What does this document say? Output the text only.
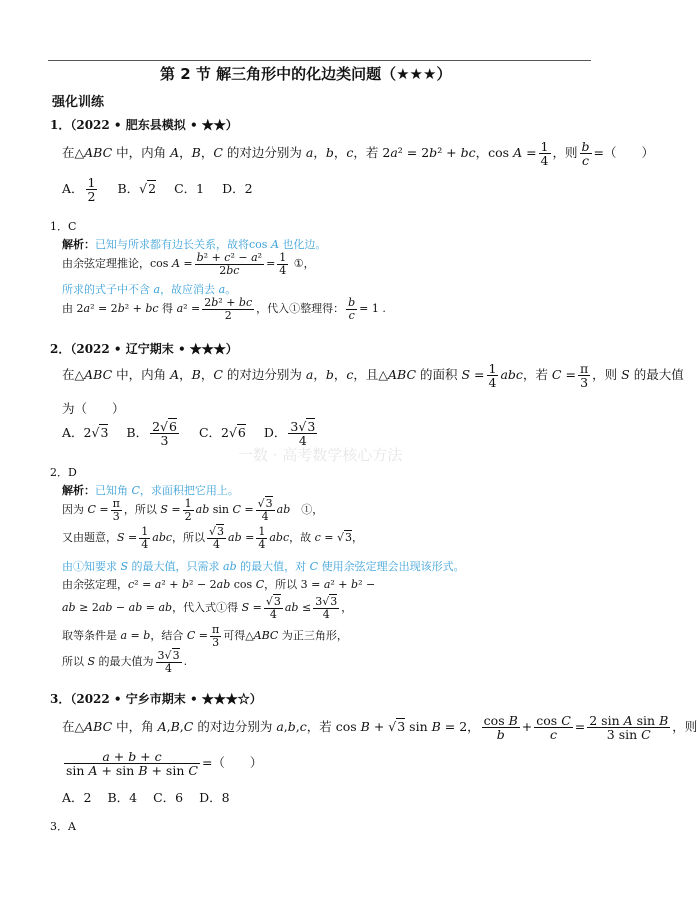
第 2 节 解三角形中的化边类问题（★★★）
强化训练
1．（2022 • 肥东县模拟 • ★★）
在△ABC 中，内角 A，B，C 的对边分别为 a，b，c，若 2a² = 2b² + bc，$\cos A = \frac{1}{4}$ ，则 $\frac{b}{c}$ =（　　）
A． $\frac{1}{2}$ B．√2 C．1 D．2
1．C
解析：已知与所求都有边长关系，故将cos A 也化边。
由余弦定理推论，$\cos A = \frac{\text{b² + c² − a²}}{2bc} = \frac{1}{4}$ ①，
所求的式子中不含 a，故应消去 a。
由 2a² = 2b² + bc 得 $a^2 = \frac{\text{2b² + bc}}{2}$ ，代入①整理得： $\frac{b}{c} = 1$ .
2．（2022 • 辽宁期末 • ★★★）
在△ABC 中，内角 A，B，C 的对边分别为 a，b，c，且△ABC 的面积 $S = \frac{1}{4}$ abc，若 $C = \frac{\pi}{3}$ ，则 S 的最大值
为（　　）
A．2√3 B． $\frac{2√6}{3}$ C．2√6 D． $\frac{3√3}{4}$
一数 · 高考数学核心方法
2．D
解析：已知角 C，求面积把它用上。
因为 $C = \frac{\pi}{3}$ ，所以 $S = \frac{1}{2}$ ab $\sin C = \frac{√3}{4}$ ab　①，
又由题意，$S = \frac{1}{4}$ abc，所以 $\frac{√3}{4}$ ab = $\frac{1}{4}$ abc，故 c = √3，
由①知要求 S 的最大值，只需求 ab 的最大值，对 C 使用余弦定理会出现该形式。
由余弦定理，c² = a² + b² − 2ab cos C，所以 3 = a² + b² −
ab ≥ 2ab − ab = ab，代入式①得 $S = \frac{√3}{4}$ ab ≤ $\frac{3√3}{4}$ ，
取等条件是 a = b，结合 $C = \frac{\pi}{3}$ 可得△ABC 为正三角形，
所以 S 的最大值为 $\frac{3√3}{4}$ .
3．（2022 • 宁乡市期末 • ★★★☆）
在△ABC 中，角 A,B,C 的对边分别为 a,b,c，若 cos B + √3 sin B = 2， $\frac{\text{cos B}}{b} + \frac{\text{cos C}}{c} = \frac{\text{2 sin A sin B}}{\text{3 sin C}}$ ，则
$\frac{a + b + c}{\text{sin A + sin B + sin C}}$ =（　　）
A．2 B．4 C．6 D．8
3．A
